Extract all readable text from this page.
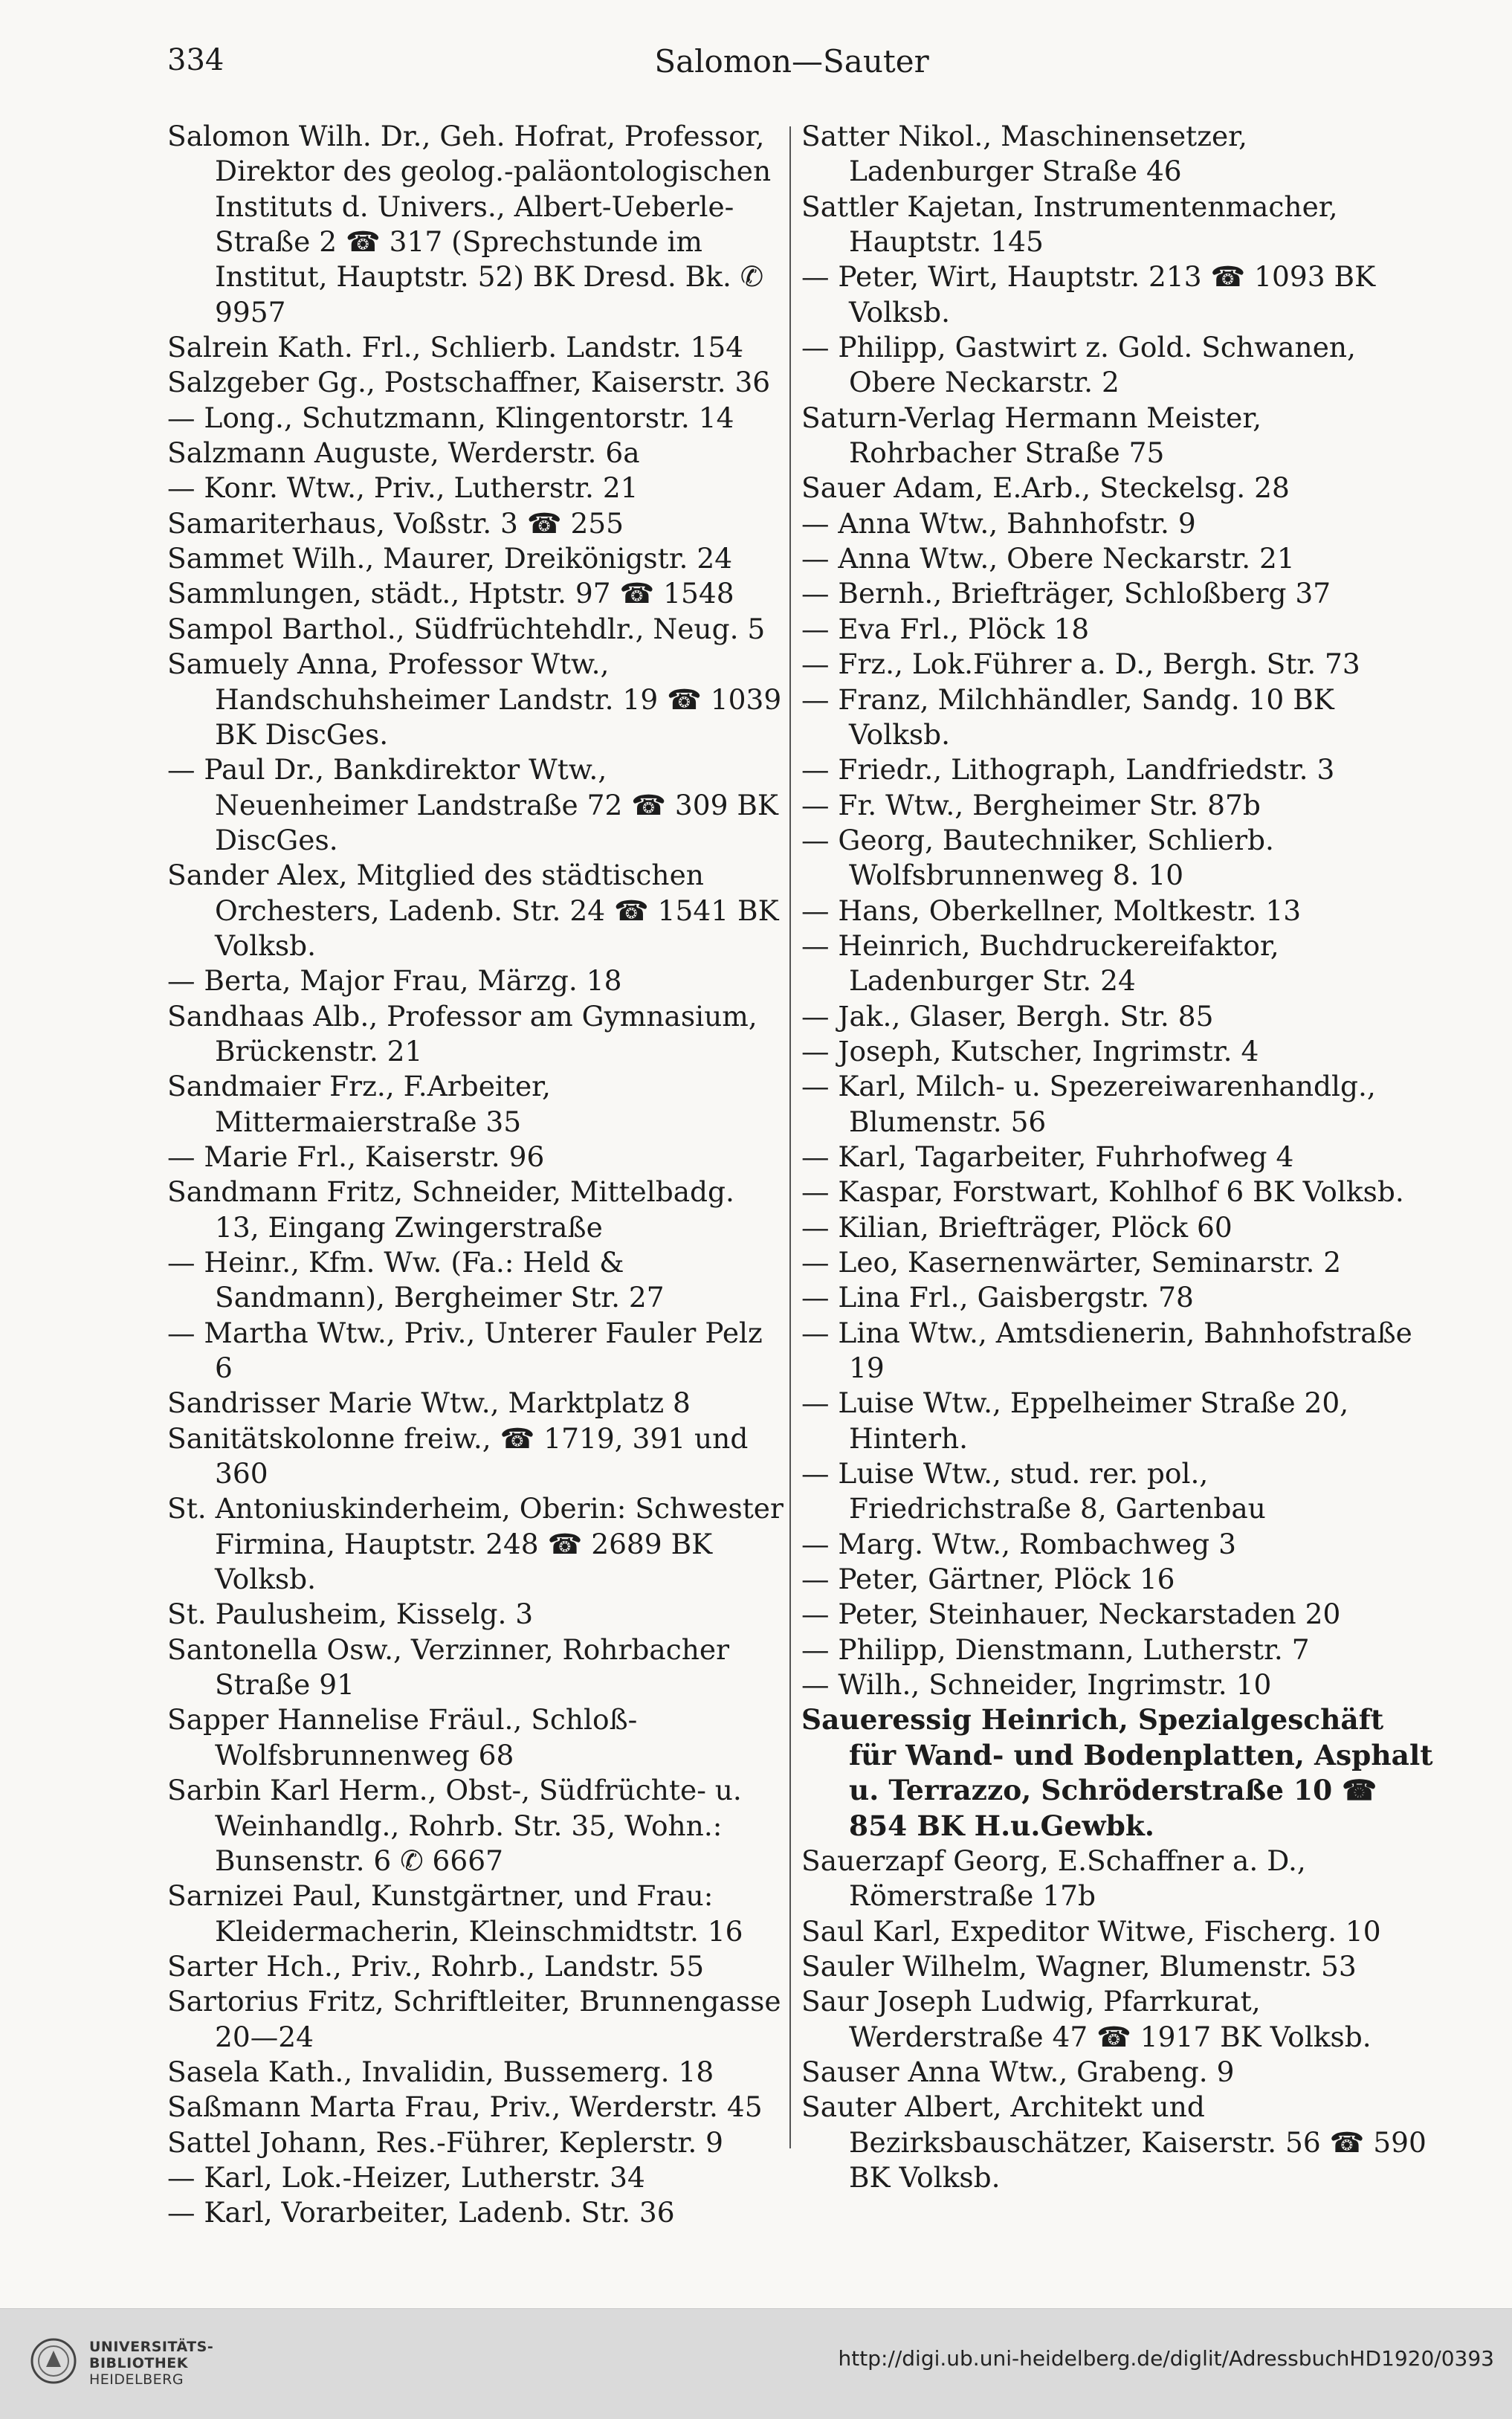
334	Salomon—Sauter
Salomon Wilh. Dr., Geh. Hofrat, Professor, Direktor des geolog.-paläontologischen Instituts d. Univers., Albert-Ueberle-Straße 2 ☎ 317 (Sprechstunde im Institut, Hauptstr. 52) BK Dresd. Bk. ✆ 9957
Salrein Kath. Frl., Schlierb. Landstr. 154
Salzgeber Gg., Postschaffner, Kaiserstr. 36
— Long., Schutzmann, Klingentorstr. 14
Salzmann Auguste, Werderstr. 6a
— Konr. Wtw., Priv., Lutherstr. 21
Samariterhaus, Voßstr. 3 ☎ 255
Sammet Wilh., Maurer, Dreikönigstr. 24
Sammlungen, städt., Hptstr. 97 ☎ 1548
Sampol Barthol., Südfrüchtehdlr., Neug. 5
Samuely Anna, Professor Wtw., Handschuhsheimer Landstr. 19 ☎ 1039 BK DiscGes.
— Paul Dr., Bankdirektor Wtw., Neuenheimer Landstraße 72 ☎ 309 BK DiscGes.
Sander Alex, Mitglied des städtischen Orchesters, Ladenb. Str. 24 ☎ 1541 BK Volksb.
— Berta, Major Frau, Märzg. 18
Sandhaas Alb., Professor am Gymnasium, Brückenstr. 21
Sandmaier Frz., F.Arbeiter, Mittermaierstraße 35
— Marie Frl., Kaiserstr. 96
Sandmann Fritz, Schneider, Mittelbadg. 13, Eingang Zwingerstraße
— Heinr., Kfm. Ww. (Fa.: Held & Sandmann), Bergheimer Str. 27
— Martha Wtw., Priv., Unterer Fauler Pelz 6
Sandrisser Marie Wtw., Marktplatz 8
Sanitätskolonne freiw., ☎ 1719, 391 und 360
St. Antoniuskinderheim, Oberin: Schwester Firmina, Hauptstr. 248 ☎ 2689 BK Volksb.
St. Paulusheim, Kisselg. 3
Santonella Osw., Verzinner, Rohrbacher Straße 91
Sapper Hannelise Fräul., Schloß-Wolfsbrunnenweg 68
Sarbin Karl Herm., Obst-, Südfrüchte- u. Weinhandlg., Rohrb. Str. 35, Wohn.: Bunsenstr. 6 ✆ 6667
Sarnizei Paul, Kunstgärtner, und Frau: Kleidermacherin, Kleinschmidtstr. 16
Sarter Hch., Priv., Rohrb., Landstr. 55
Sartorius Fritz, Schriftleiter, Brunnengasse 20—24
Sasela Kath., Invalidin, Bussemerg. 18
Saßmann Marta Frau, Priv., Werderstr. 45
Sattel Johann, Res.-Führer, Keplerstr. 9
— Karl, Lok.-Heizer, Lutherstr. 34
— Karl, Vorarbeiter, Ladenb. Str. 36
Satter Nikol., Maschinensetzer, Ladenburger Straße 46
Sattler Kajetan, Instrumentenmacher, Hauptstr. 145
— Peter, Wirt, Hauptstr. 213 ☎ 1093 BK Volksb.
— Philipp, Gastwirt z. Gold. Schwanen, Obere Neckarstr. 2
Saturn-Verlag Hermann Meister, Rohrbacher Straße 75
Sauer Adam, E.Arb., Steckelsg. 28
— Anna Wtw., Bahnhofstr. 9
— Anna Wtw., Obere Neckarstr. 21
— Bernh., Briefträger, Schloßberg 37
— Eva Frl., Plöck 18
— Frz., Lok.Führer a. D., Bergh. Str. 73
— Franz, Milchhändler, Sandg. 10 BK Volksb.
— Friedr., Lithograph, Landfriedstr. 3
— Fr. Wtw., Bergheimer Str. 87b
— Georg, Bautechniker, Schlierb. Wolfsbrunnenweg 8. 10
— Hans, Oberkellner, Moltkestr. 13
— Heinrich, Buchdruckereifaktor, Ladenburger Str. 24
— Jak., Glaser, Bergh. Str. 85
— Joseph, Kutscher, Ingrimstr. 4
— Karl, Milch- u. Spezereiwarenhandlg., Blumenstr. 56
— Karl, Tagarbeiter, Fuhrhofweg 4
— Kaspar, Forstwart, Kohlhof 6 BK Volksb.
— Kilian, Briefträger, Plöck 60
— Leo, Kasernenwärter, Seminarstr. 2
— Lina Frl., Gaisbergstr. 78
— Lina Wtw., Amtsdienerin, Bahnhofstraße 19
— Luise Wtw., Eppelheimer Straße 20, Hinterh.
— Luise Wtw., stud. rer. pol., Friedrichstraße 8, Gartenbau
— Marg. Wtw., Rombachweg 3
— Peter, Gärtner, Plöck 16
— Peter, Steinhauer, Neckarstaden 20
— Philipp, Dienstmann, Lutherstr. 7
— Wilh., Schneider, Ingrimstr. 10
Saueressig Heinrich, Spezialgeschäft für Wand- und Bodenplatten, Asphalt u. Terrazzo, Schröderstraße 10 ☎ 854 BK H.u.Gewbk.
Sauerzapf Georg, E.Schaffner a. D., Römerstraße 17b
Saul Karl, Expeditor Witwe, Fischerg. 10
Sauler Wilhelm, Wagner, Blumenstr. 53
Saur Joseph Ludwig, Pfarrkurat, Werderstraße 47 ☎ 1917 BK Volksb.
Sauser Anna Wtw., Grabeng. 9
Sauter Albert, Architekt und Bezirksbauschätzer, Kaiserstr. 56 ☎ 590 BK Volksb.
UNIVERSITÄTS-
BIBLIOTHEK
HEIDELBERG
http://digi.ub.uni-heidelberg.de/diglit/AdressbuchHD1920/0393
